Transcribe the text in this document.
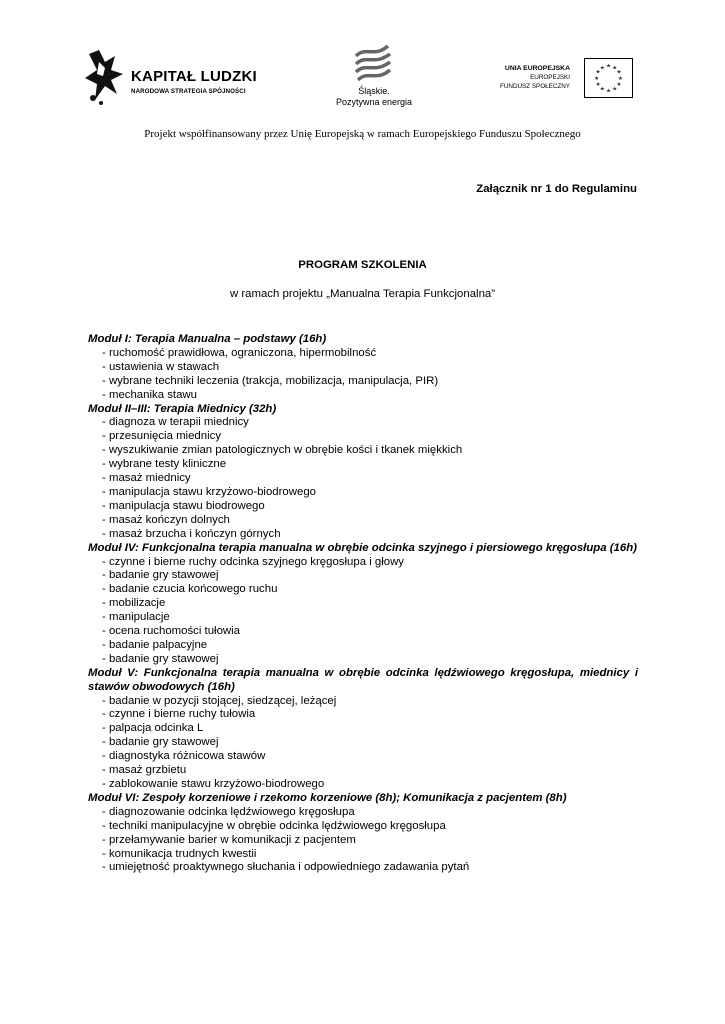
KAPITAŁ LUDZKI
NARODOWA STRATEGIA SPÓJNOŚCI	Śląskie.
Pozytywna energia
UNIA EUROPEJSKA
EUROPEJSKI
FUNDUSZ SPOŁECZNY
★ ★
★
★
★
★
★
★
★
★
★
★
Projekt współfinansowany przez Unię Europejską w ramach Europejskiego Funduszu Społecznego
Załącznik nr 1 do Regulaminu
PROGRAM SZKOLENIA
w ramach projektu „Manualna Terapia Funkcjonalna”
Moduł I: Terapia Manualna – podstawy (16h)
- ruchomość prawidłowa, ograniczona, hipermobilność
- ustawienia w stawach
- wybrane techniki leczenia (trakcja, mobilizacja, manipulacja, PIR)
- mechanika stawu
Moduł II–III: Terapia Miednicy (32h)
- diagnoza w terapii miednicy
- przesunięcia miednicy
- wyszukiwanie zmian patologicznych w obrębie kości i tkanek miękkich
- wybrane testy kliniczne
- masaż miednicy
- manipulacja stawu krzyżowo-biodrowego
- manipulacja stawu biodrowego
- masaż kończyn dolnych
- masaż brzucha i kończyn górnych
Moduł IV: Funkcjonalna terapia manualna w obrębie odcinka szyjnego i piersiowego kręgosłupa (16h)
- czynne i bierne ruchy odcinka szyjnego kręgosłupa i głowy
- badanie gry stawowej
- badanie czucia końcowego ruchu
- mobilizacje
- manipulacje
- ocena ruchomości tułowia
- badanie palpacyjne
- badanie gry stawowej
Moduł V: Funkcjonalna terapia manualna w obrębie odcinka lędźwiowego kręgosłupa, miednicy i stawów obwodowych (16h)
- badanie w pozycji stojącej, siedzącej, leżącej
- czynne i bierne ruchy tułowia
- palpacja odcinka L
- badanie gry stawowej
- diagnostyka różnicowa stawów
- masaż grzbietu
- zablokowanie stawu krzyżowo-biodrowego
Moduł VI: Zespoły korzeniowe i rzekomo korzeniowe (8h); Komunikacja z pacjentem (8h)
- diagnozowanie odcinka lędźwiowego kręgosłupa
- techniki manipulacyjne w obrębie odcinka lędźwiowego kręgosłupa
- przełamywanie barier w komunikacji z pacjentem
- komunikacja trudnych kwestii
- umiejętność proaktywnego słuchania i odpowiedniego zadawania pytań
